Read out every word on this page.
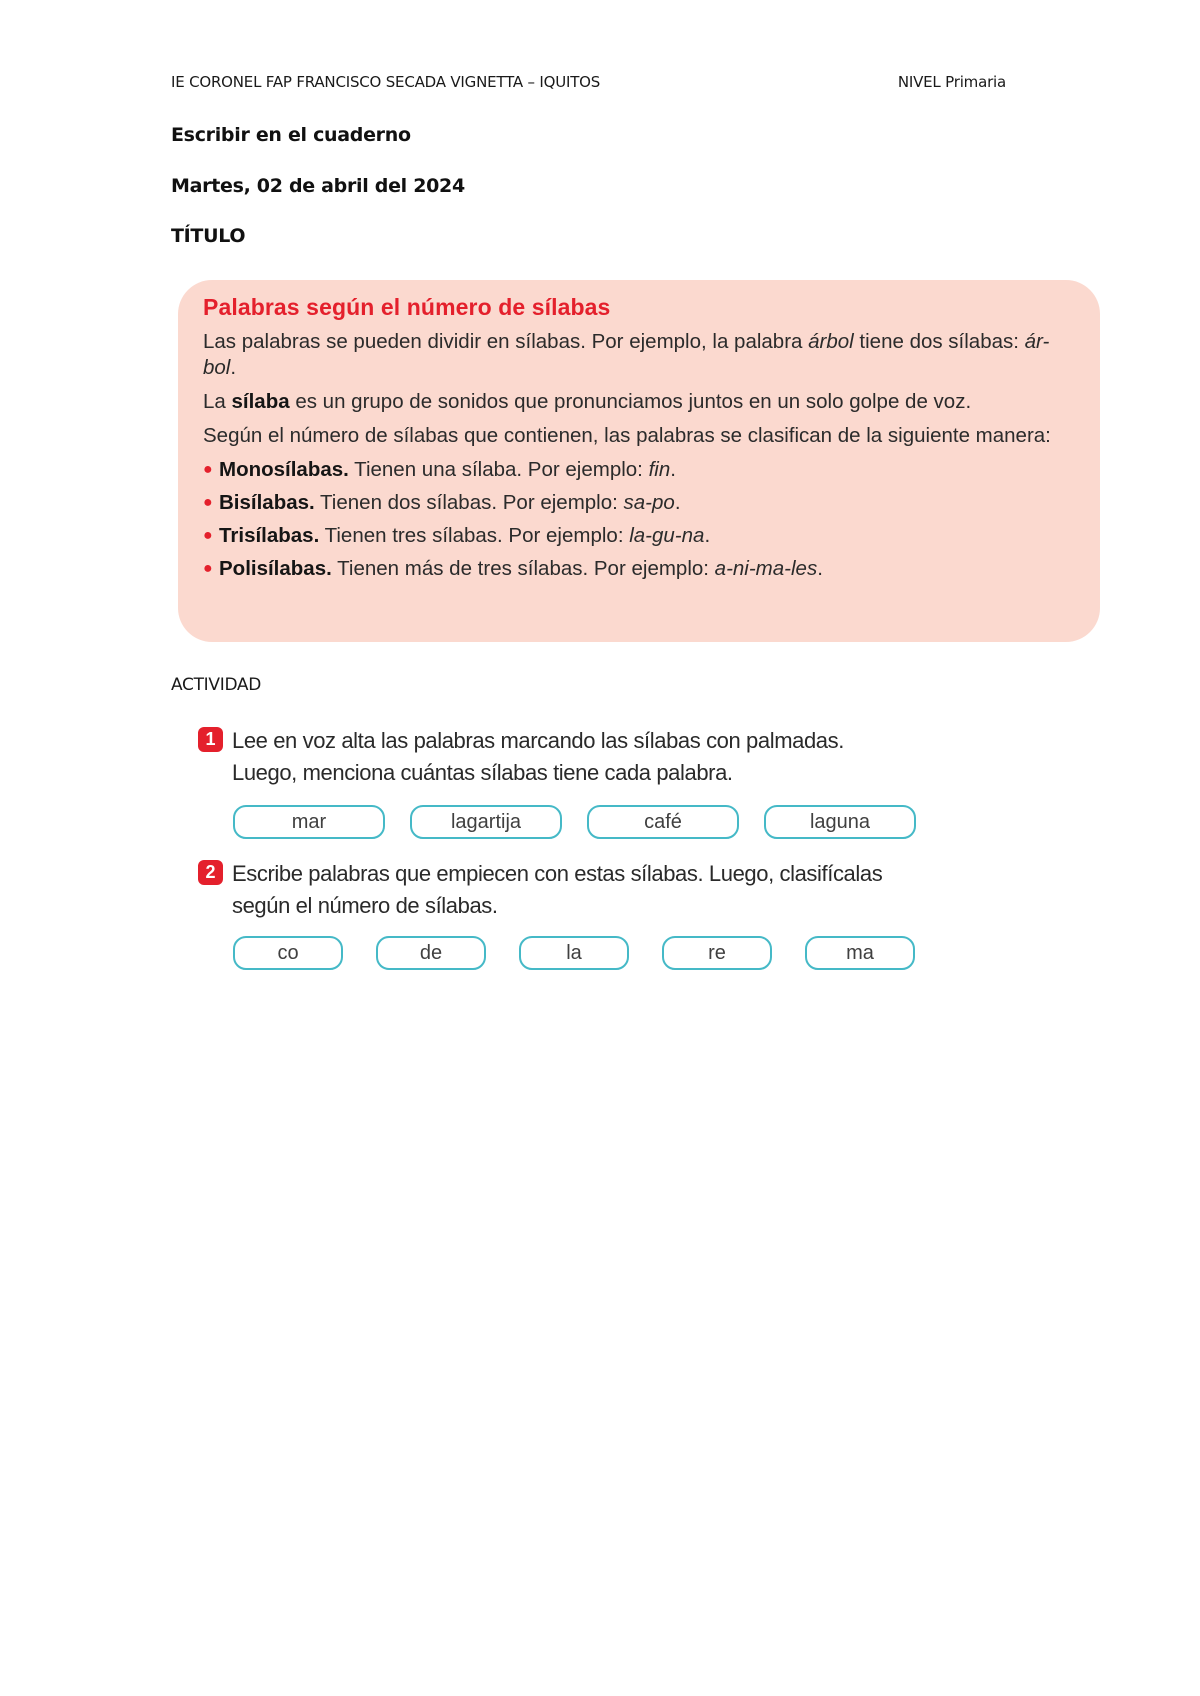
IE CORONEL FAP FRANCISCO SECADA VIGNETTA – IQUITOS	NIVEL Primaria
Escribir en el cuaderno
Martes, 02 de abril del 2024
TÍTULO
Palabras según el número de sílabas

Las palabras se pueden dividir en sílabas. Por ejemplo, la palabra árbol tiene dos sílabas: ár-bol.

La sílaba es un grupo de sonidos que pronunciamos juntos en un solo golpe de voz.

Según el número de sílabas que contienen, las palabras se clasifican de la siguiente manera:

● Monosílabas. Tienen una sílaba. Por ejemplo: fin.
● Bisílabas. Tienen dos sílabas. Por ejemplo: sa-po.
● Trisílabas. Tienen tres sílabas. Por ejemplo: la-gu-na.
● Polisílabas. Tienen más de tres sílabas. Por ejemplo: a-ni-ma-les.
ACTIVIDAD
1 Lee en voz alta las palabras marcando las sílabas con palmadas.
Luego, menciona cuántas sílabas tiene cada palabra.
mar	lagartija	café	laguna
2 Escribe palabras que empiecen con estas sílabas. Luego, clasifícalas
según el número de sílabas.
co	de	la	re	ma
